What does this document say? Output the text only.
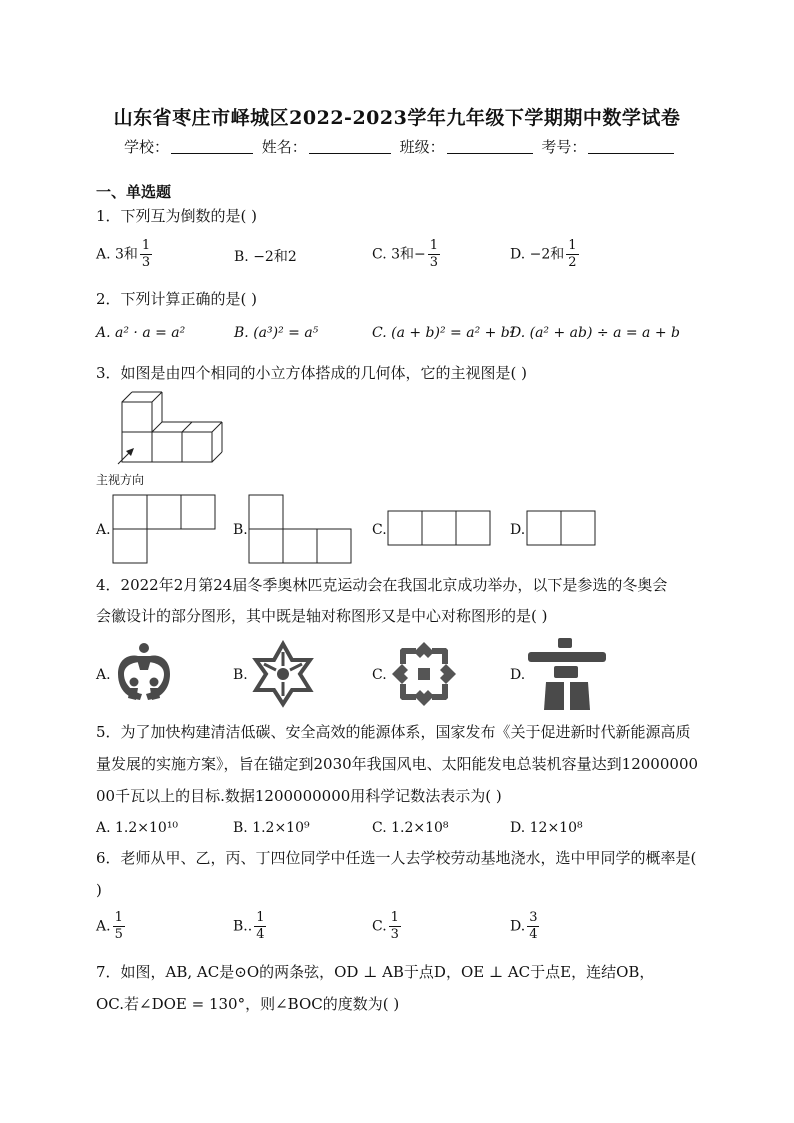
山东省枣庄市峄城区2022-2023学年九年级下学期期中数学试卷
学校：	姓名：	班级：	考号：
一、单选题
1．下列互为倒数的是( )
A. 3和 $\frac{1}{3}$	B. −2和2	C. 3和− $\frac{1}{3}$	D. −2和 $\frac{1}{2}$
2．下列计算正确的是( )
A. a² · a = a²	B. (a³)² = a⁵	C. (a + b)² = a² + b²
D. (a² + ab) ÷ a = a + b
3．如图是由四个相同的小立方体搭成的几何体，它的主视图是( )
主视方向
A.	B.	C.	D.
4．2022年2月第24届冬季奥林匹克运动会在我国北京成功举办，以下是参选的冬奥会
会徽设计的部分图形，其中既是轴对称图形又是中心对称图形的是( )
A.	B.	C.	D.
5．为了加快构建清洁低碳、安全高效的能源体系，国家发布《关于促进新时代新能源高质量发展的实施方案》，旨在锚定到2030年我国风电、太阳能发电总装机容量达到1200000000千瓦以上的目标.数据1200000000用科学记数法表示为( )
A. 1.2×10¹⁰	B. 1.2×10⁹	C. 1.2×10⁸	D. 12×10⁸
6．老师从甲、乙，丙、丁四位同学中任选一人去学校劳动基地浇水，选中甲同学的概率是( )
A. $\frac{1}{5}$	B.. $\frac{1}{4}$	C. $\frac{1}{3}$	D. $\frac{3}{4}$
7．如图，AB, AC是⊙O的两条弦，OD ⊥ AB于点D，OE ⊥ AC于点E，连结OB，
OC.若∠DOE = 130°，则∠BOC的度数为( )
